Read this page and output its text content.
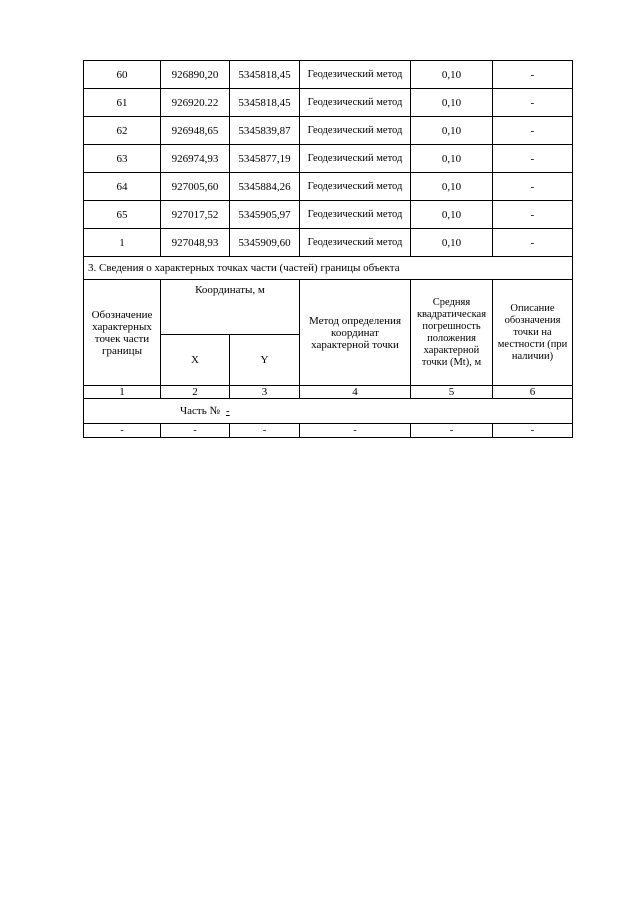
60	926890,20	5345818,45	Геодезический метод	0,10	-
61	926920.22	5345818,45	Геодезический метод	0,10	-
62	926948,65	5345839,87	Геодезический метод	0,10	-
63	926974,93	5345877,19	Геодезический метод	0,10	-
64	927005,60	5345884,26	Геодезический метод	0,10	-
65	927017,52	5345905,97	Геодезический метод	0,10	-
1	927048,93	5345909,60	Геодезический метод	0,10	-
3. Сведения о характерных точках части (частей) границы объекта					
Обозначение характерных точек части границы	Координаты, м		Метод определения координат характерной точки	Средняя квадратическая погрешность положения характерной точки (Mt), м	Описание обозначения точки на местности (при наличии)
	X	Y			
1	2	3	4	5	6
Часть № -					
-	-	-	-	-	-
